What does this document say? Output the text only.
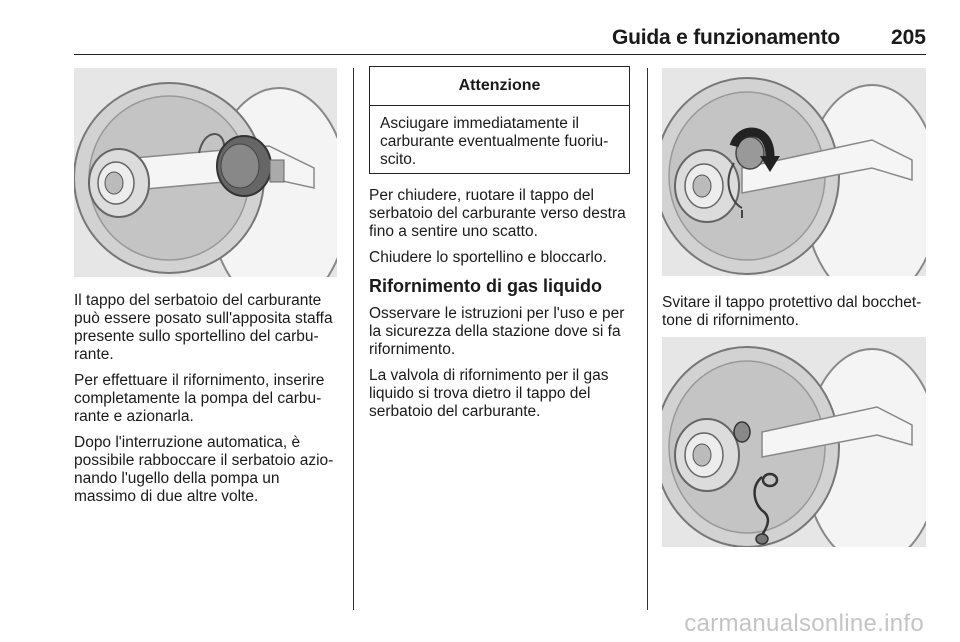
Guida e funzionamento 205

Il tappo del serbatoio del carburante può essere posato sull'apposita staffa presente sullo sportellino del carbu-rante.

Per effettuare il rifornimento, inserire completamente la pompa del carbu-rante e azionarla.

Dopo l'interruzione automatica, è possibile rabboccare il serbatoio azio-nando l'ugello della pompa un massimo di due altre volte.

Attenzione
Asciugare immediatamente il carburante eventualmente fuoriu-scito.

Per chiudere, ruotare il tappo del serbatoio del carburante verso destra fino a sentire uno scatto.

Chiudere lo sportellino e bloccarlo.

Rifornimento di gas liquido

Osservare le istruzioni per l'uso e per la sicurezza della stazione dove si fa rifornimento.

La valvola di rifornimento per il gas liquido si trova dietro il tappo del serbatoio del carburante.

Svitare il tappo protettivo dal bocchet-tone di rifornimento.

carmanualsonline.info
